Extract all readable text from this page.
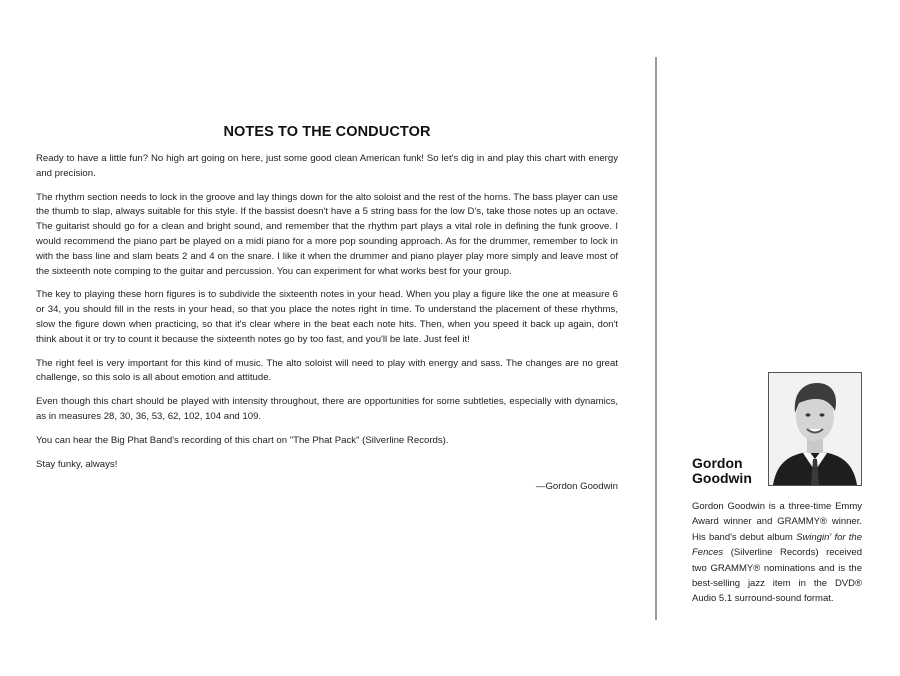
NOTES TO THE CONDUCTOR

Ready to have a little fun? No high art going on here, just some good clean American funk! So let's dig in and play this chart with energy and precision.

The rhythm section needs to lock in the groove and lay things down for the alto soloist and the rest of the horns. The bass player can use the thumb to slap, always suitable for this style. If the bassist doesn't have a 5 string bass for the low D's, take those notes up an octave. The guitarist should go for a clean and bright sound, and remember that the rhythm part plays a vital role in defining the funk groove. I would recommend the piano part be played on a midi piano for a more pop sounding approach. As for the drummer, remember to lock in with the bass line and slam beats 2 and 4 on the snare. I like it when the drummer and piano player play more simply and leave most of the sixteenth note comping to the guitar and percussion. You can experiment for what works best for your group.

The key to playing these horn figures is to subdivide the sixteenth notes in your head. When you play a figure like the one at measure 6 or 34, you should fill in the rests in your head, so that you place the notes right in time. To understand the placement of these rhythms, slow the figure down when practicing, so that it's clear where in the beat each note hits. Then, when you speed it back up again, don't think about it or try to count it because the sixteenth notes go by too fast, and you'll be late. Just feel it!

The right feel is very important for this kind of music. The alto soloist will need to play with energy and sass. The changes are no great challenge, so this solo is all about emotion and attitude.

Even though this chart should be played with intensity throughout, there are opportunities for some subtleties, especially with dynamics, as in measures 28, 30, 36, 53, 62, 102, 104 and 109.

You can hear the Big Phat Band's recording of this chart on "The Phat Pack" (Silverline Records).

Stay funky, always!

—Gordon Goodwin
Gordon
Goodwin
Gordon Goodwin is a three-time Emmy Award winner and GRAMMY® winner. His band's debut album Swingin' for the Fences (Silverline Records) received two GRAMMY® nominations and is the best-selling jazz item in the DVD® Audio 5.1 surround-sound format.
